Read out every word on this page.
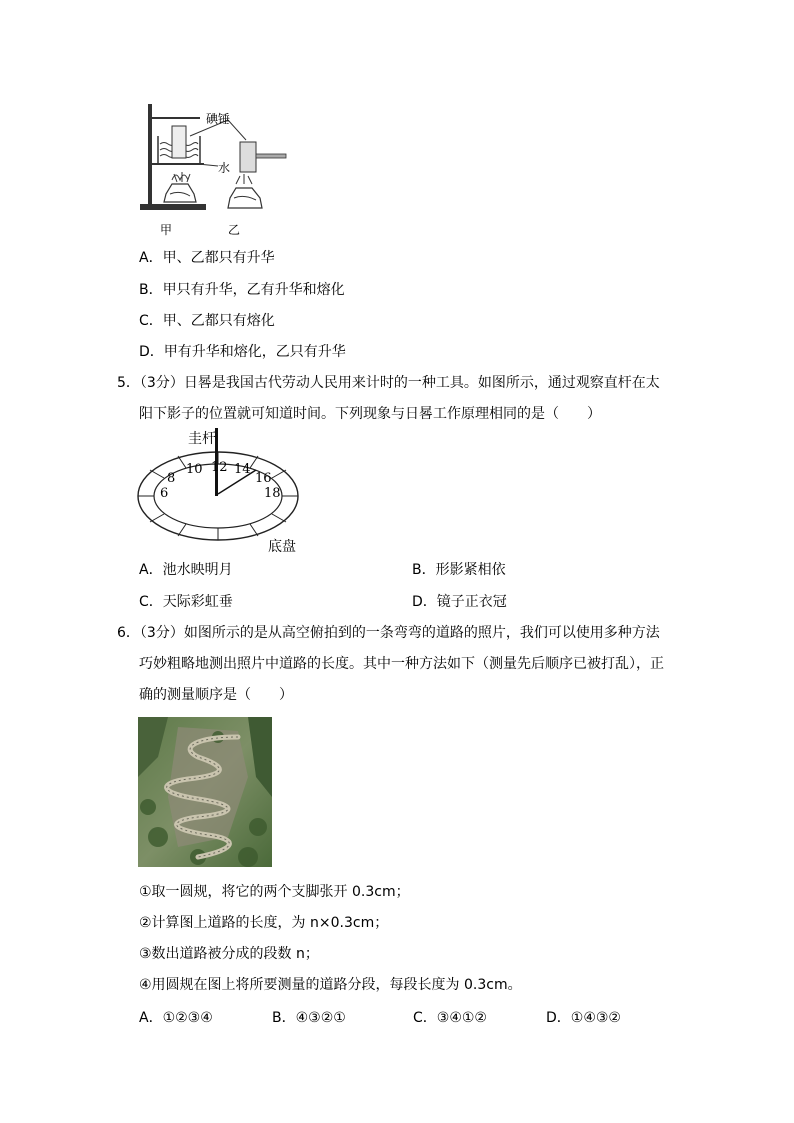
碘锤
水
甲	乙
A．甲、乙都只有升华
B．甲只有升华，乙有升华和熔化
C．甲、乙都只有熔化
D．甲有升华和熔化，乙只有升华
5．（3分）日晷是我国古代劳动人民用来计时的一种工具。如图所示，通过观察直杆在太
阳下影子的位置就可知道时间。下列现象与日晷工作原理相同的是（　　）
圭杆
6
8
10 12 14
16
18
底盘
A．池水映明月	B．形影紧相依
C．天际彩虹垂	D．镜子正衣冠
6．（3分）如图所示的是从高空俯拍到的一条弯弯的道路的照片，我们可以使用多种方法
巧妙粗略地测出照片中道路的长度。其中一种方法如下（测量先后顺序已被打乱），正
确的测量顺序是（　　）
①取一圆规，将它的两个支脚张开 0.3cm；
②计算图上道路的长度，为 n×0.3cm；
③数出道路被分成的段数 n；
④用圆规在图上将所要测量的道路分段，每段长度为 0.3cm。
A．①②③④	B．④③②①	C．③④①②	D．①④③②
